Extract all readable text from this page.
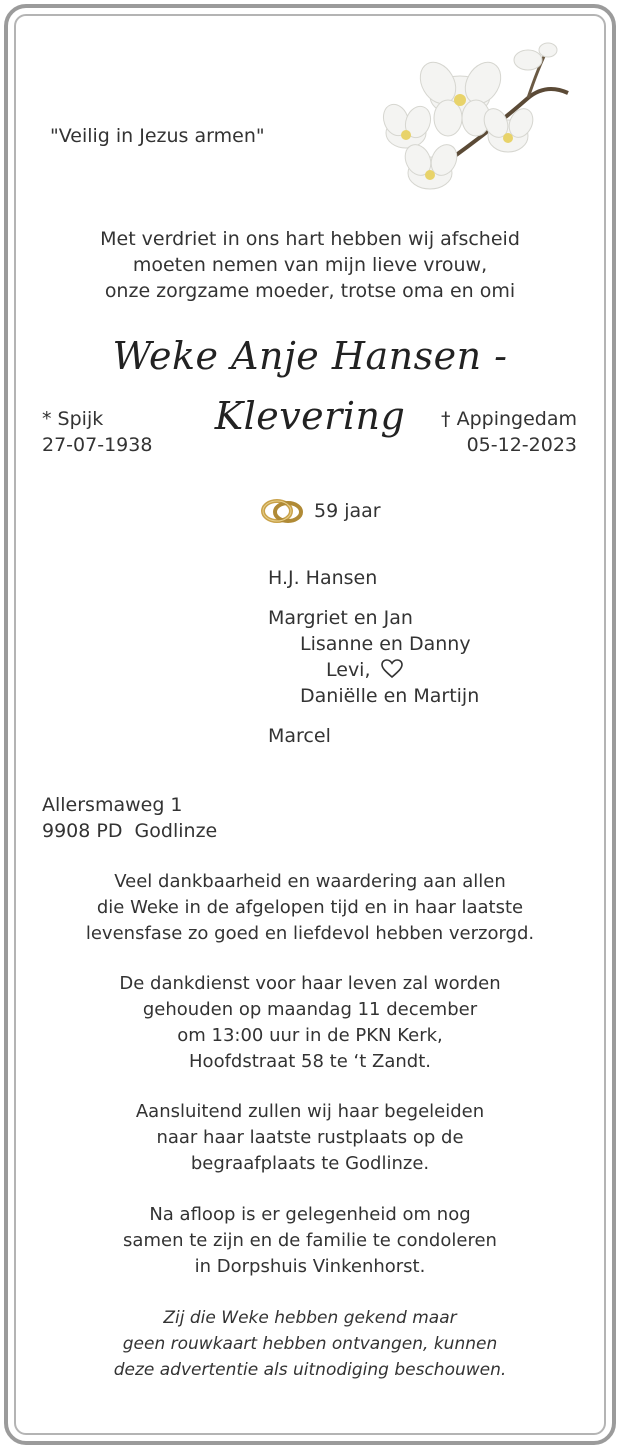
"Veilig in Jezus armen"
Met verdriet in ons hart hebben wij afscheid
moeten nemen van mijn lieve vrouw,
onze zorgzame moeder, trotse oma en omi
Weke Anje Hansen - Klevering
* Spijk
27-07-1938
† Appingedam
05-12-2023
59 jaar
H.J. Hansen
Margriet en Jan
Lisanne en Danny
Levi,
Daniëlle en Martijn
Marcel
Allersmaweg 1
9908 PD  Godlinze
Veel dankbaarheid en waardering aan allen
die Weke in de afgelopen tijd en in haar laatste
levensfase zo goed en liefdevol hebben verzorgd.
De dankdienst voor haar leven zal worden
gehouden op maandag 11 december
om 13:00 uur in de PKN Kerk,
Hoofdstraat 58 te ‘t Zandt.
Aansluitend zullen wij haar begeleiden
naar haar laatste rustplaats op de
begraafplaats te Godlinze.
Na afloop is er gelegenheid om nog
samen te zijn en de familie te condoleren
in Dorpshuis Vinkenhorst.
Zij die Weke hebben gekend maar
geen rouwkaart hebben ontvangen, kunnen
deze advertentie als uitnodiging beschouwen.
